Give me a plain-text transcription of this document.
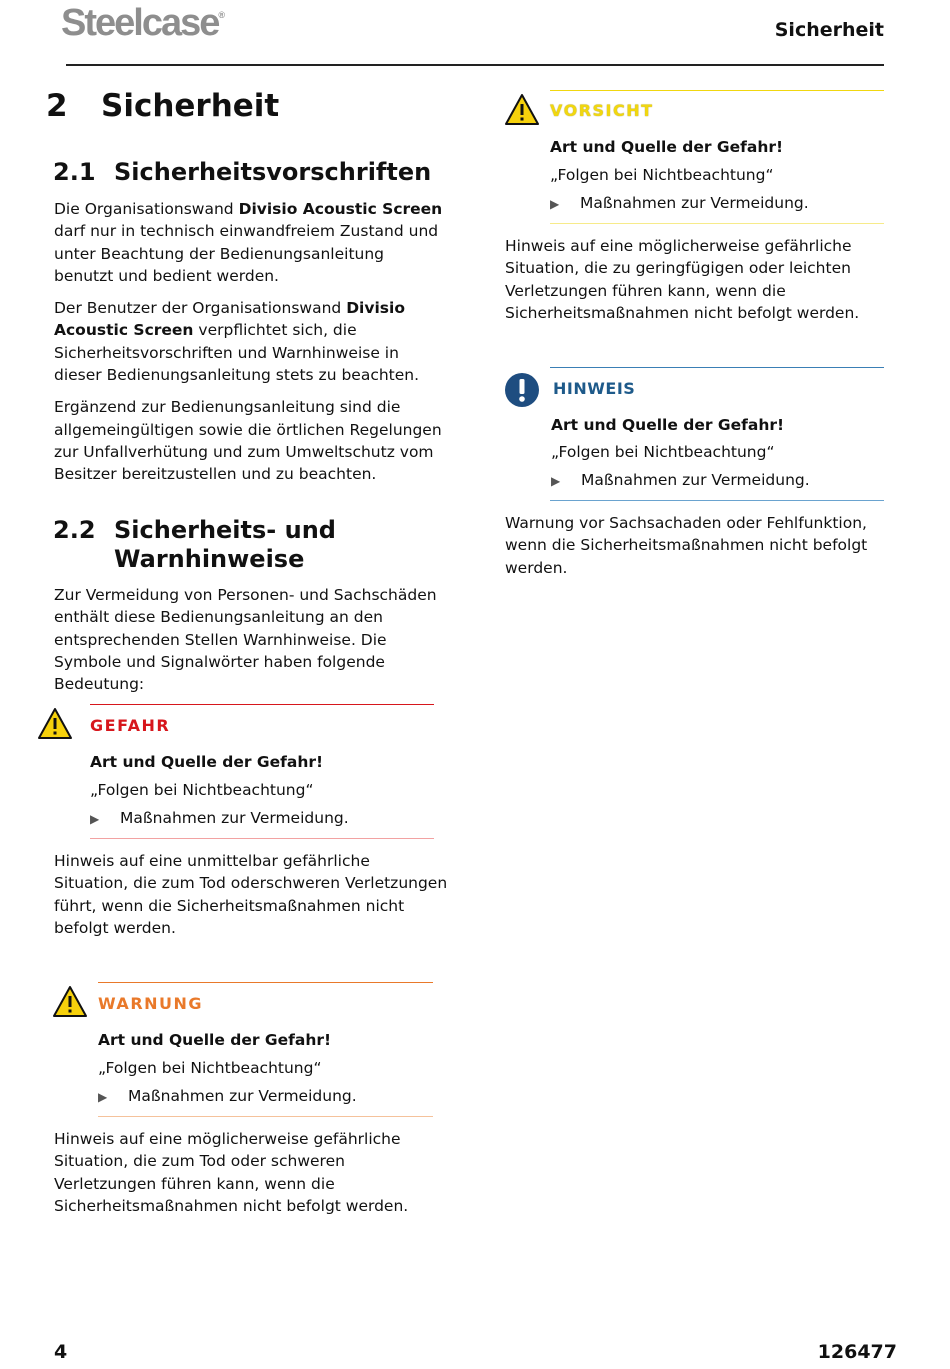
Steelcase®
Sicherheit
2 Sicherheit
2.1 Sicherheitsvorschriften

Die Organisationswand Divisio Acoustic Screen darf nur in technisch einwandfreiem Zustand und unter Beachtung der Bedienungsanleitung benutzt und bedient werden.

Der Benutzer der Organisationswand Divisio Acoustic Screen verpflichtet sich, die Sicherheitsvorschriften und Warnhinweise in dieser Bedienungsanleitung stets zu beachten.

Ergänzend zur Bedienungsanleitung sind die allgemeingültigen sowie die örtlichen Regelungen zur Unfallverhütung und zum Umweltschutz vom Besitzer bereitzustellen und zu beachten.

2.2 Sicherheits- und
Warnhinweise

Zur Vermeidung von Personen- und Sachschäden enthält diese Bedienungsanleitung an den entsprechenden Stellen Warnhinweise. Die Symbole und Signalwörter haben folgende Bedeutung:

GEFAHR
Art und Quelle der Gefahr!
„Folgen bei Nichtbeachtung“
▶ Maßnahmen zur Vermeidung.

Hinweis auf eine unmittelbar gefährliche Situation, die zum Tod oderschweren Verletzungen führt, wenn die Sicherheitsmaßnahmen nicht befolgt werden.

WARNUNG
Art und Quelle der Gefahr!
„Folgen bei Nichtbeachtung“
▶ Maßnahmen zur Vermeidung.

Hinweis auf eine möglicherweise gefährliche Situation, die zum Tod oder schweren Verletzungen führen kann, wenn die Sicherheitsmaßnahmen nicht befolgt werden.

VORSICHT
Art und Quelle der Gefahr!
„Folgen bei Nichtbeachtung“
▶ Maßnahmen zur Vermeidung.

Hinweis auf eine möglicherweise gefährliche Situation, die zu geringfügigen oder leichten Verletzungen führen kann, wenn die Sicherheitsmaßnahmen nicht befolgt werden.

HINWEIS
Art und Quelle der Gefahr!
„Folgen bei Nichtbeachtung“
▶ Maßnahmen zur Vermeidung.

Warnung vor Sachsachaden oder Fehlfunktion, wenn die Sicherheitsmaßnahmen nicht befolgt werden.

4	126477
